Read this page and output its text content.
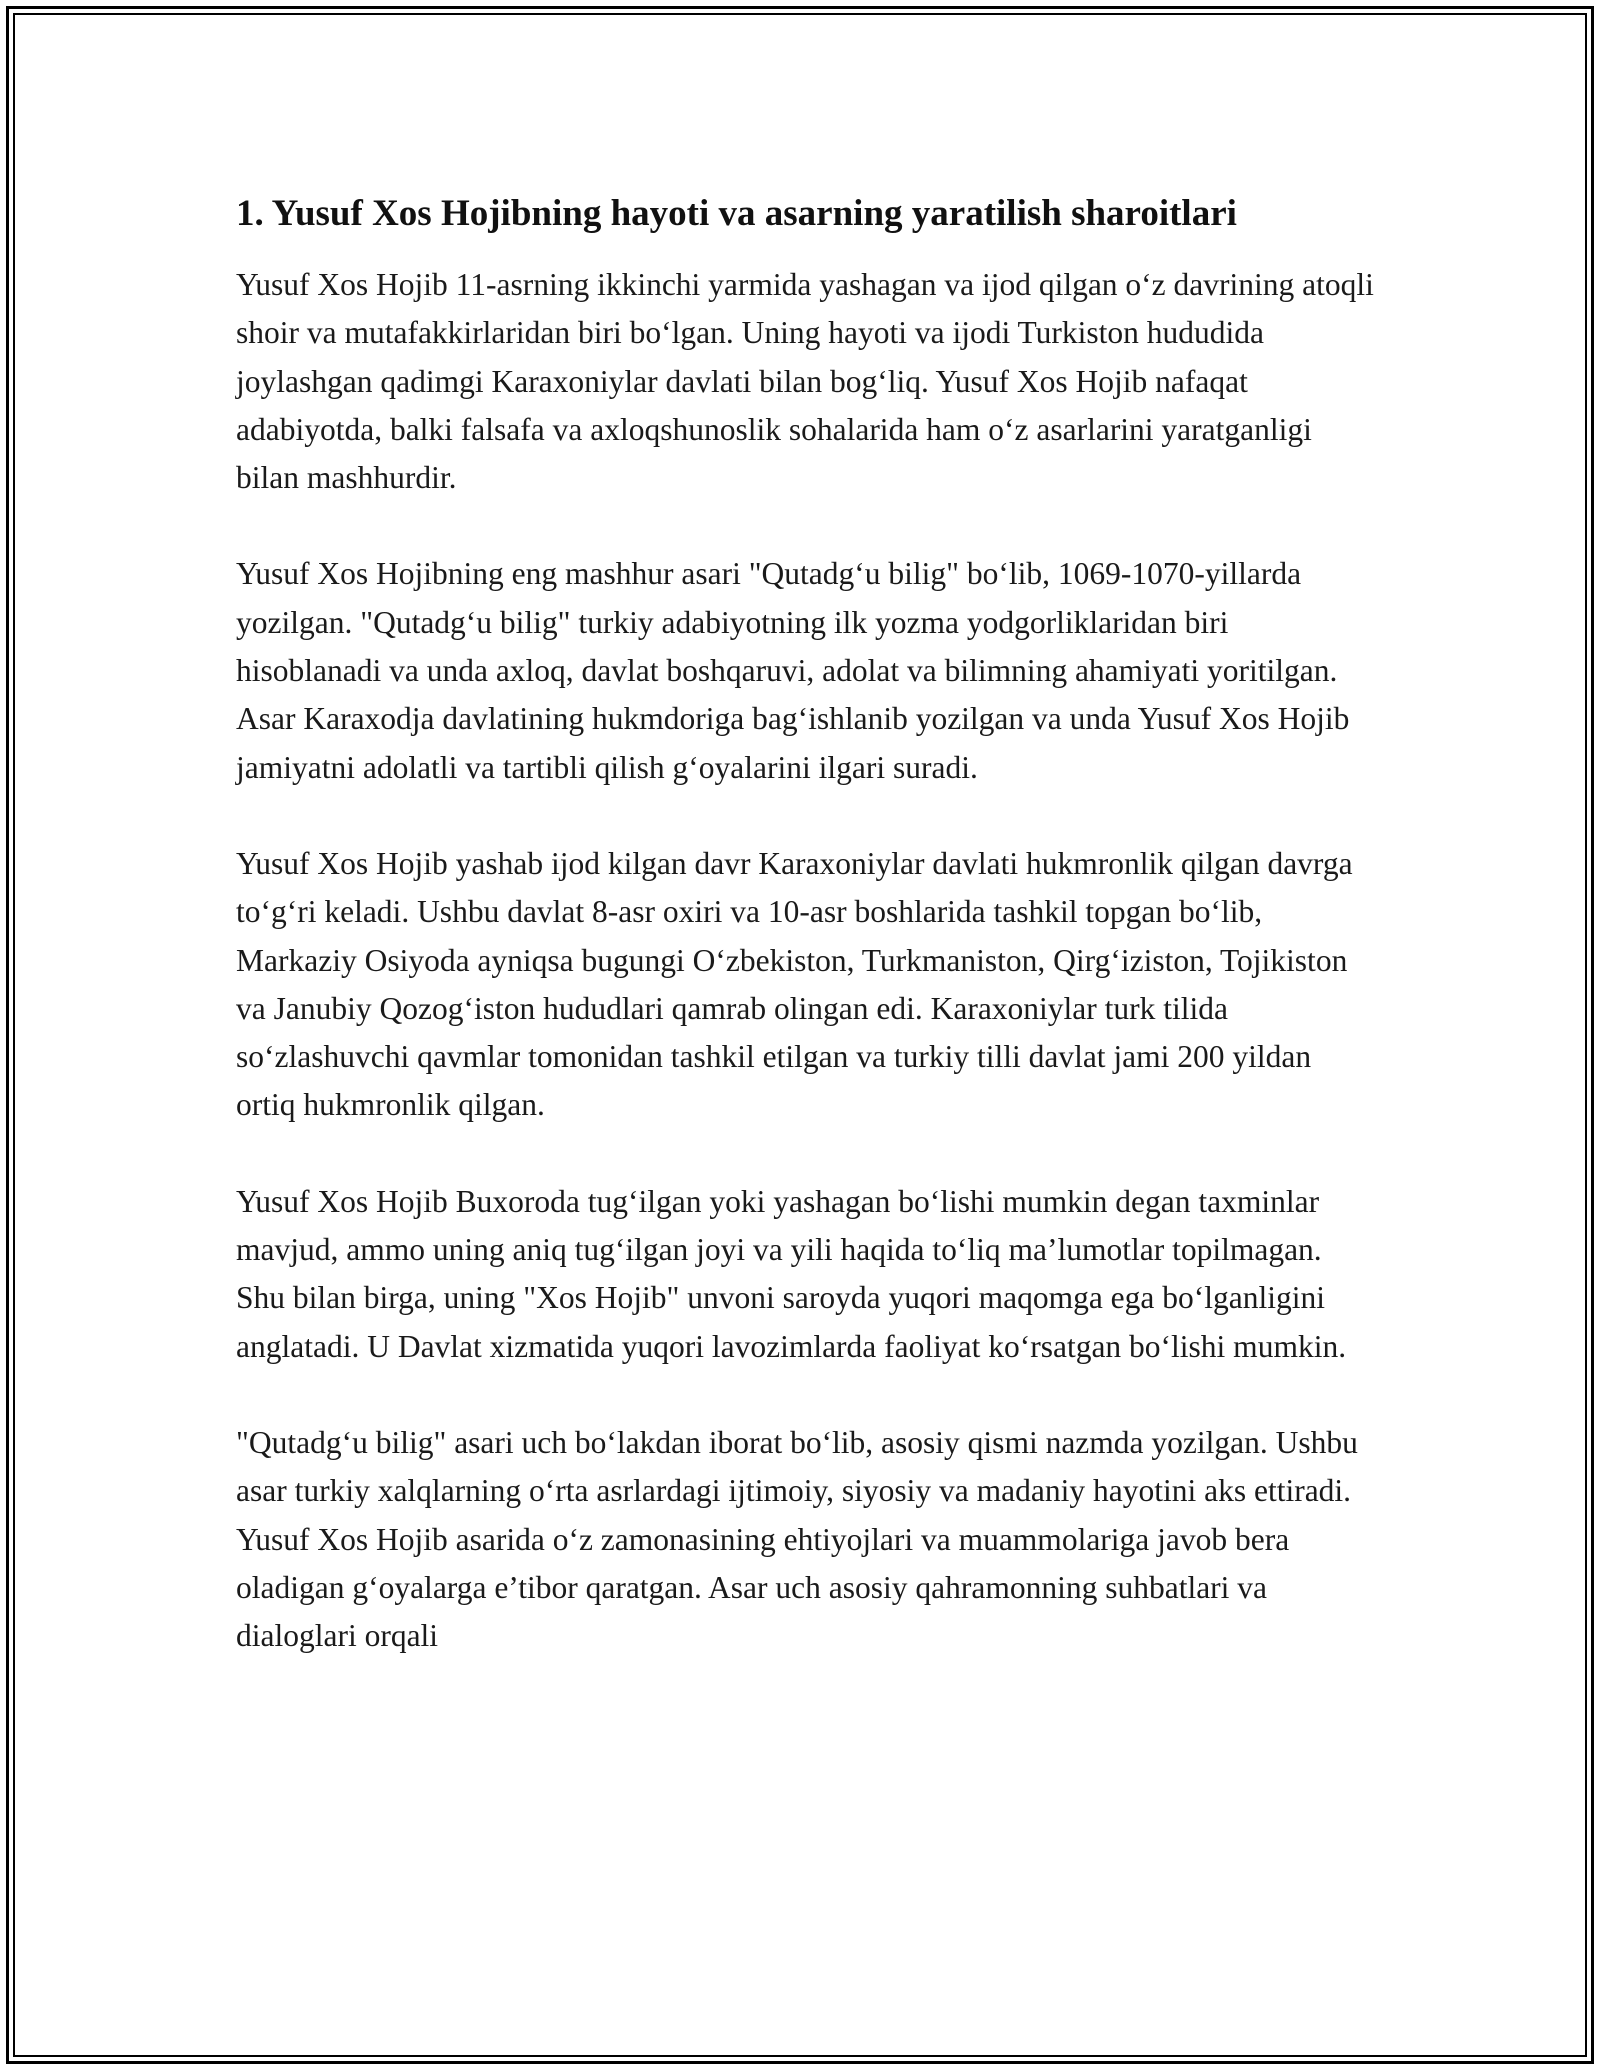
1. Yusuf Xos Hojibning hayoti va asarning yaratilish sharoitlari

Yusuf Xos Hojib 11-asrning ikkinchi yarmida yashagan va ijod qilgan o‘z davrining atoqli shoir va mutafakkirlaridan biri bo‘lgan. Uning hayoti va ijodi Turkiston hududida joylashgan qadimgi Karaxoniylar davlati bilan bog‘liq. Yusuf Xos Hojib nafaqat adabiyotda, balki falsafa va axloqshunoslik sohalarida ham o‘z asarlarini yaratganligi bilan mashhurdir.

Yusuf Xos Hojibning eng mashhur asari "Qutadg‘u bilig" bo‘lib, 1069-1070-yillarda yozilgan. "Qutadg‘u bilig" turkiy adabiyotning ilk yozma yodgorliklaridan biri hisoblanadi va unda axloq, davlat boshqaruvi, adolat va bilimning ahamiyati yoritilgan. Asar Karaxodja davlatining hukmdoriga bag‘ishlanib yozilgan va unda Yusuf Xos Hojib jamiyatni adolatli va tartibli qilish g‘oyalarini ilgari suradi.

Yusuf Xos Hojib yashab ijod kilgan davr Karaxoniylar davlati hukmronlik qilgan davrga to‘g‘ri keladi. Ushbu davlat 8-asr oxiri va 10-asr boshlarida tashkil topgan bo‘lib, Markaziy Osiyoda ayniqsa bugungi O‘zbekiston, Turkmaniston, Qirg‘iziston, Tojikiston va Janubiy Qozog‘iston hududlari qamrab olingan edi. Karaxoniylar turk tilida so‘zlashuvchi qavmlar tomonidan tashkil etilgan va turkiy tilli davlat jami 200 yildan ortiq hukmronlik qilgan.

Yusuf Xos Hojib Buxoroda tug‘ilgan yoki yashagan bo‘lishi mumkin degan taxminlar mavjud, ammo uning aniq tug‘ilgan joyi va yili haqida to‘liq ma’lumotlar topilmagan. Shu bilan birga, uning "Xos Hojib" unvoni saroyda yuqori maqomga ega bo‘lganligini anglatadi. U Davlat xizmatida yuqori lavozimlarda faoliyat ko‘rsatgan bo‘lishi mumkin.

"Qutadg‘u bilig" asari uch bo‘lakdan iborat bo‘lib, asosiy qismi nazmda yozilgan. Ushbu asar turkiy xalqlarning o‘rta asrlardagi ijtimoiy, siyosiy va madaniy hayotini aks ettiradi. Yusuf Xos Hojib asarida o‘z zamonasining ehtiyojlari va muammolariga javob bera oladigan g‘oyalarga e’tibor qaratgan. Asar uch asosiy qahramonning suhbatlari va dialoglari orqali
